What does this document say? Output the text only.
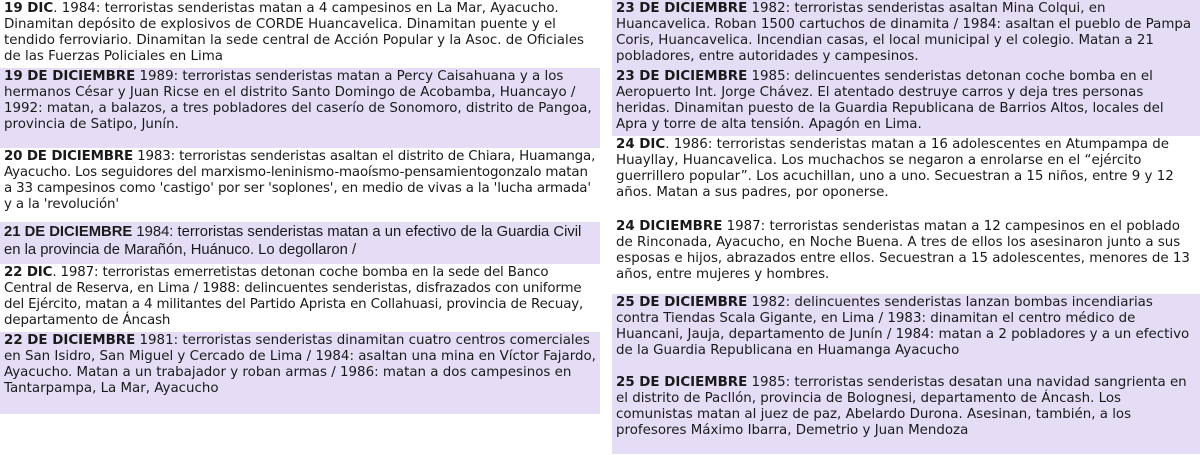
19 DIC. 1984: terroristas senderistas matan a 4 campesinos en La Mar, Ayacucho. Dinamitan depósito de explosivos de CORDE Huancavelica. Dinamitan puente y el tendido ferroviario. Dinamitan la sede central de Acción Popular y la Asoc. de Oficiales de las Fuerzas Policiales en Lima

19 DE DICIEMBRE 1989: terroristas senderistas matan a Percy Caisahuana y a los hermanos César y Juan Ricse en el distrito Santo Domingo de Acobamba, Huancayo / 1992: matan, a balazos, a tres pobladores del caserío de Sonomoro, distrito de Pangoa, provincia de Satipo, Junín.

20 DE DICIEMBRE 1983: terroristas senderistas asaltan el distrito de Chiara, Huamanga, Ayacucho. Los seguidores del marxismo-leninismo-maoísmo-pensamientogonzalo matan a 33 campesinos como 'castigo' por ser 'soplones', en medio de vivas a la 'lucha armada' y a la 'revolución'

21 DE DICIEMBRE 1984: terroristas senderistas matan a un efectivo de la Guardia Civil en la provincia de Marañón, Huánuco. Lo degollaron /

22 DIC. 1987: terroristas emerretistas detonan coche bomba en la sede del Banco Central de Reserva, en Lima / 1988: delincuentes senderistas, disfrazados con uniforme del Ejército, matan a 4 militantes del Partido Aprista en Collahuasi, provincia de Recuay, departamento de Áncash

22 DE DICIEMBRE 1981: terroristas senderistas dinamitan cuatro centros comerciales en San Isidro, San Miguel y Cercado de Lima / 1984: asaltan una mina en Víctor Fajardo, Ayacucho. Matan a un trabajador y roban armas / 1986: matan a dos campesinos en Tantarpampa, La Mar, Ayacucho

23 DE DICIEMBRE 1982: terroristas senderistas asaltan Mina Colqui, en Huancavelica. Roban 1500 cartuchos de dinamita / 1984: asaltan el pueblo de Pampa Coris, Huancavelica. Incendian casas, el local municipal y el colegio. Matan a 21 pobladores, entre autoridades y campesinos.

23 DE DICIEMBRE 1985: delincuentes senderistas detonan coche bomba en el Aeropuerto Int. Jorge Chávez. El atentado destruye carros y deja tres personas heridas. Dinamitan puesto de la Guardia Republicana de Barrios Altos, locales del Apra y torre de alta tensión. Apagón en Lima.

24 DIC. 1986: terroristas senderistas matan a 16 adolescentes en Atumpampa de Huayllay, Huancavelica. Los muchachos se negaron a enrolarse en el “ejército guerrillero popular”. Los acuchillan, uno a uno. Secuestran a 15 niños, entre 9 y 12 años. Matan a sus padres, por oponerse.

24 DICIEMBRE 1987: terroristas senderistas matan a 12 campesinos en el poblado de Rinconada, Ayacucho, en Noche Buena. A tres de ellos los asesinaron junto a sus esposas e hijos, abrazados entre ellos. Secuestran a 15 adolescentes, menores de 13 años, entre mujeres y hombres.

25 DE DICIEMBRE 1982: delincuentes senderistas lanzan bombas incendiarias contra Tiendas Scala Gigante, en Lima / 1983: dinamitan el centro médico de Huancani, Jauja, departamento de Junín / 1984: matan a 2 pobladores y a un efectivo de la Guardia Republicana en Huamanga Ayacucho

25 DE DICIEMBRE 1985: terroristas senderistas desatan una navidad sangrienta en el distrito de Pacllón, provincia de Bolognesi, departamento de Áncash. Los comunistas matan al juez de paz, Abelardo Durona. Asesinan, también, a los profesores Máximo Ibarra, Demetrio y Juan Mendoza
